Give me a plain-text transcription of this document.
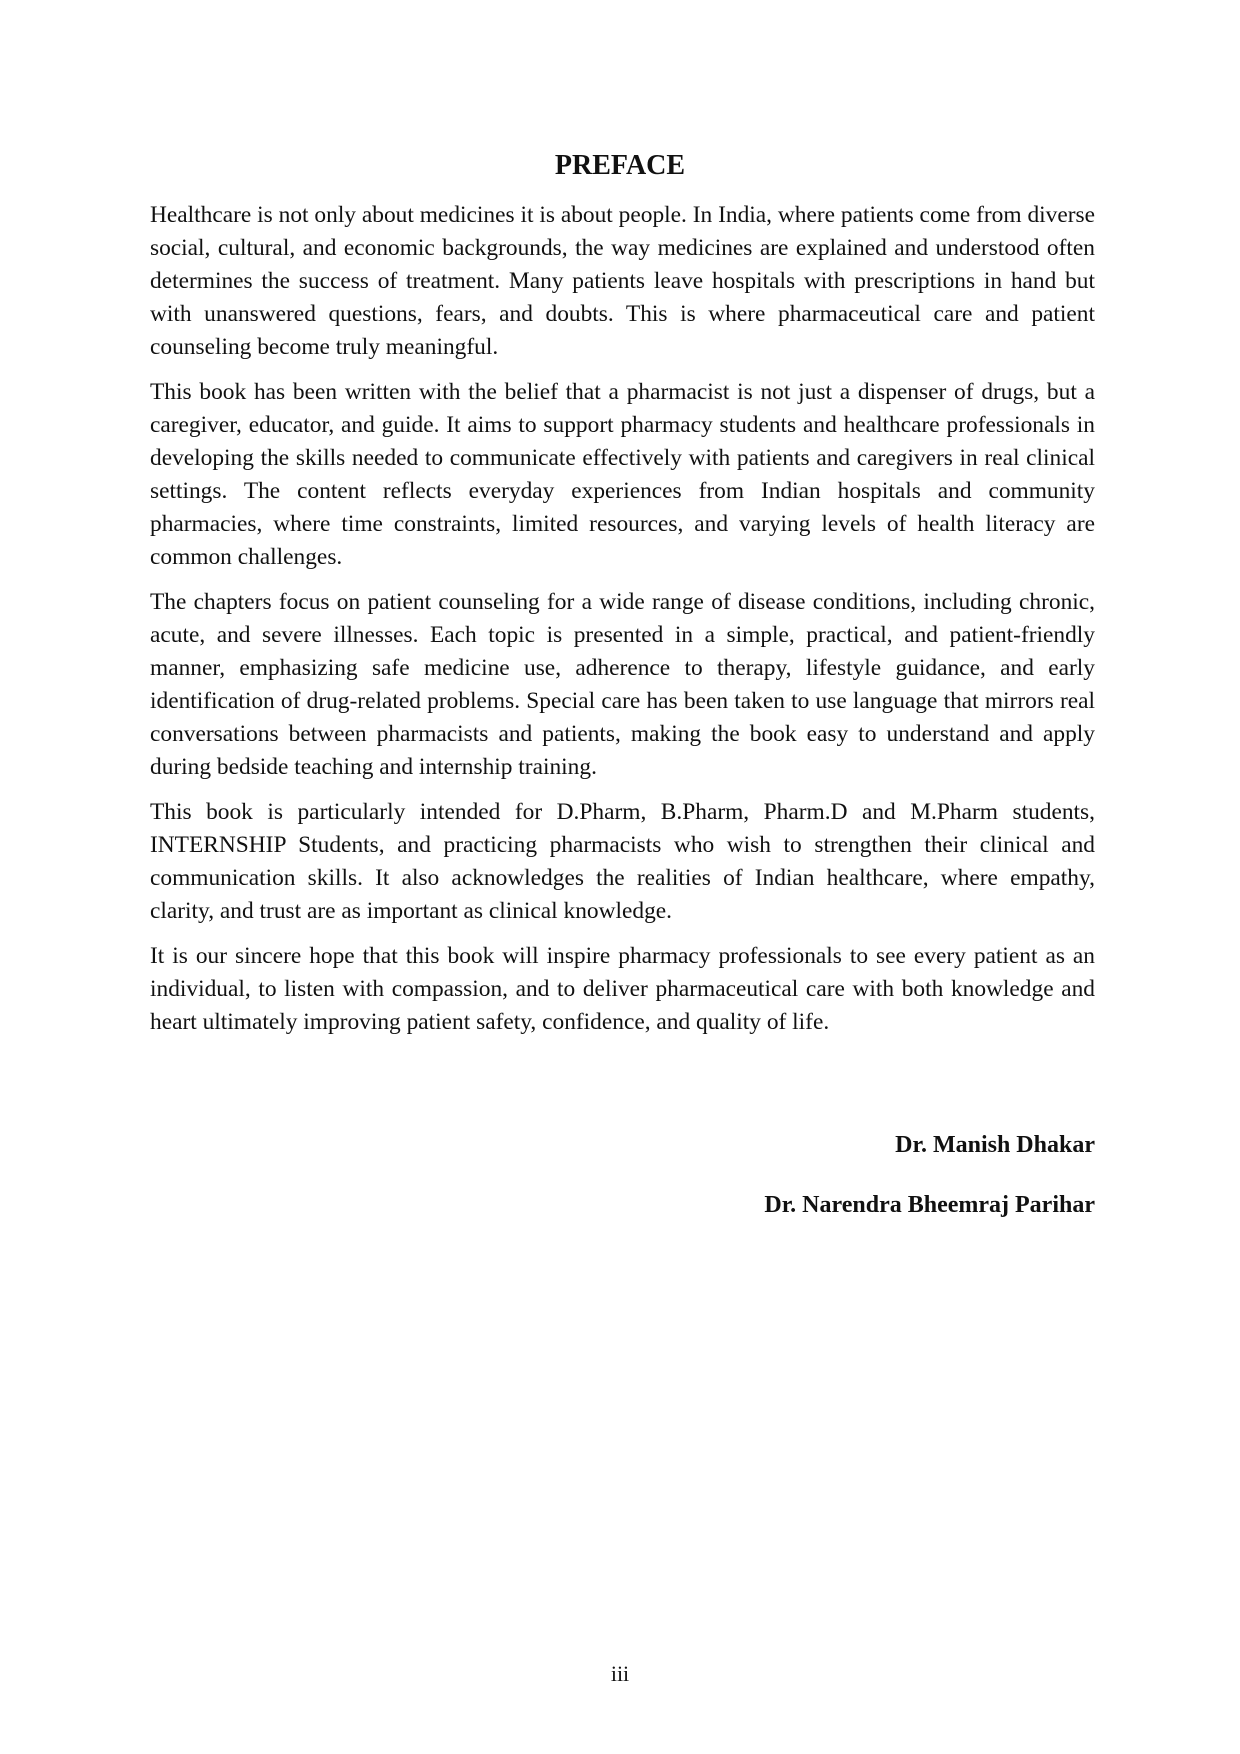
PREFACE

Healthcare is not only about medicines it is about people. In India, where patients come from diverse social, cultural, and economic backgrounds, the way medicines are explained and understood often determines the success of treatment. Many patients leave hospitals with prescriptions in hand but with unanswered questions, fears, and doubts. This is where pharmaceutical care and patient counseling become truly meaningful.

This book has been written with the belief that a pharmacist is not just a dispenser of drugs, but a caregiver, educator, and guide. It aims to support pharmacy students and healthcare professionals in developing the skills needed to communicate effectively with patients and caregivers in real clinical settings. The content reflects everyday experiences from Indian hospitals and community pharmacies, where time constraints, limited resources, and varying levels of health literacy are common challenges.

The chapters focus on patient counseling for a wide range of disease conditions, including chronic, acute, and severe illnesses. Each topic is presented in a simple, practical, and patient-friendly manner, emphasizing safe medicine use, adherence to therapy, lifestyle guidance, and early identification of drug-related problems. Special care has been taken to use language that mirrors real conversations between pharmacists and patients, making the book easy to understand and apply during bedside teaching and internship training.

This book is particularly intended for D.Pharm, B.Pharm, Pharm.D and M.Pharm students, INTERNSHIP Students, and practicing pharmacists who wish to strengthen their clinical and communication skills. It also acknowledges the realities of Indian healthcare, where empathy, clarity, and trust are as important as clinical knowledge.

It is our sincere hope that this book will inspire pharmacy professionals to see every patient as an individual, to listen with compassion, and to deliver pharmaceutical care with both knowledge and heart ultimately improving patient safety, confidence, and quality of life.

Dr. Manish Dhakar
Dr. Narendra Bheemraj Parihar
iii
